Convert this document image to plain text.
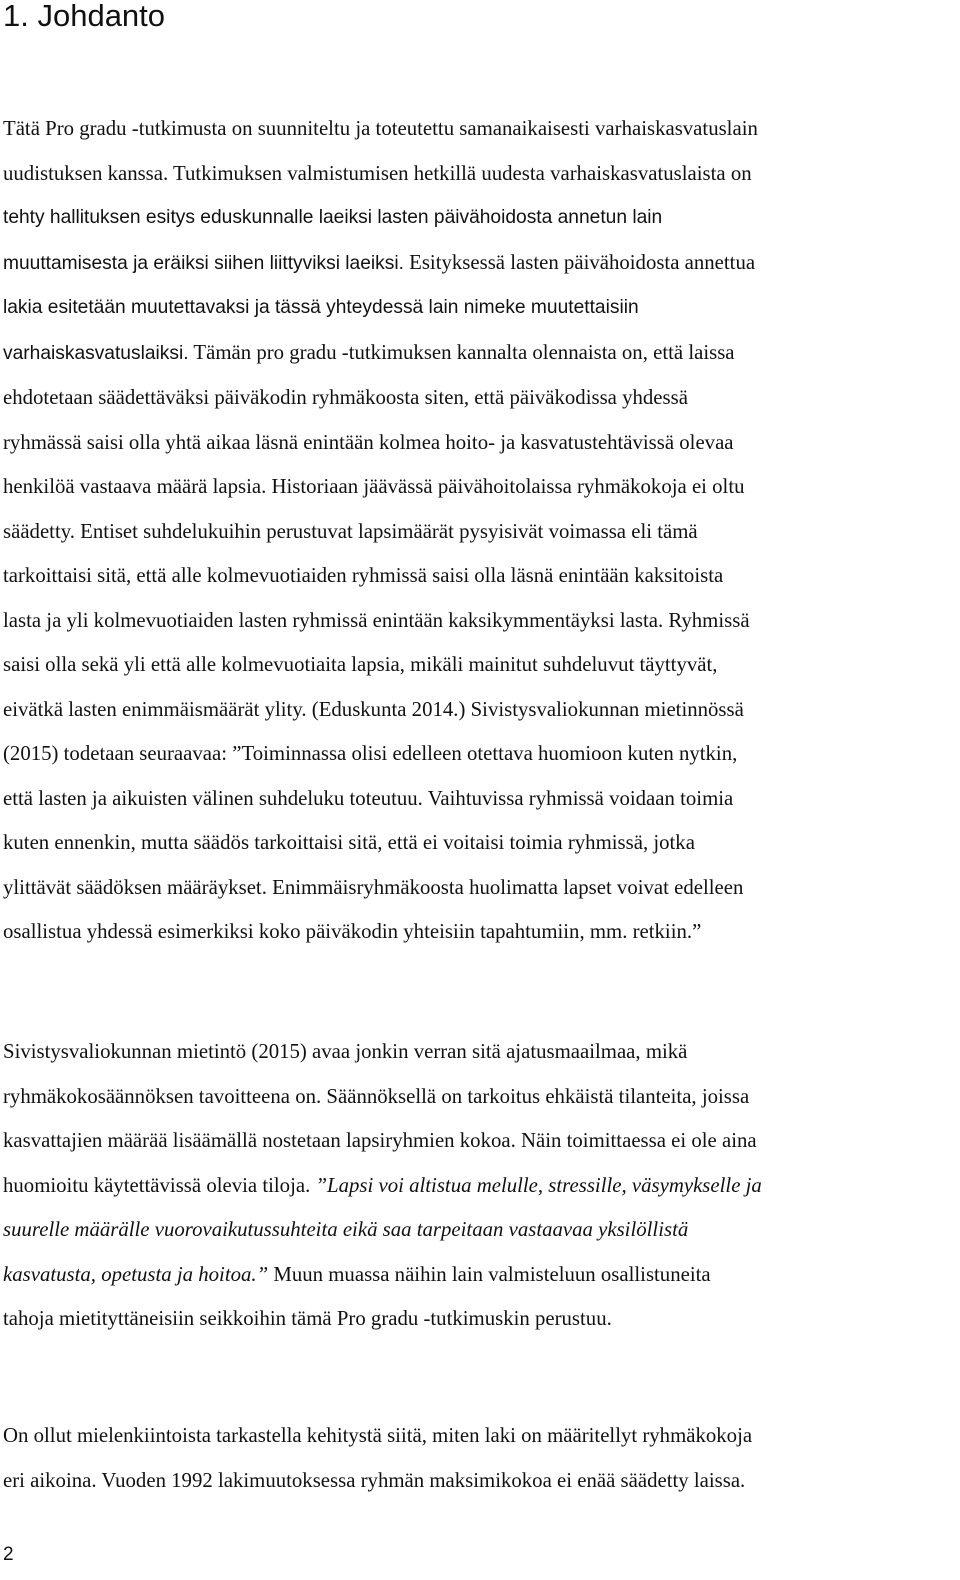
1. Johdanto

Tätä Pro gradu -tutkimusta on suunniteltu ja toteutettu samanaikaisesti varhaiskasvatuslain
uudistuksen kanssa. Tutkimuksen valmistumisen hetkillä uudesta varhaiskasvatuslaista on
tehty hallituksen esitys eduskunnalle laeiksi lasten päivähoidosta annetun lain
muuttamisesta ja eräiksi siihen liittyviksi laeiksi. Esityksessä lasten päivähoidosta annettua
lakia esitetään muutettavaksi ja tässä yhteydessä lain nimeke muutettaisiin
varhaiskasvatuslaiksi. Tämän pro gradu -tutkimuksen kannalta olennaista on, että laissa
ehdotetaan säädettäväksi päiväkodin ryhmäkoosta siten, että päiväkodissa yhdessä
ryhmässä saisi olla yhtä aikaa läsnä enintään kolmea hoito- ja kasvatustehtävissä olevaa
henkilöä vastaava määrä lapsia. Historiaan jäävässä päivähoitolaissa ryhmäkokoja ei oltu
säädetty. Entiset suhdelukuihin perustuvat lapsimäärät pysyisivät voimassa eli tämä
tarkoittaisi sitä, että alle kolmevuotiaiden ryhmissä saisi olla läsnä enintään kaksitoista
lasta ja yli kolmevuotiaiden lasten ryhmissä enintään kaksikymmentäyksi lasta. Ryhmissä
saisi olla sekä yli että alle kolmevuotiaita lapsia, mikäli mainitut suhdeluvut täyttyvät,
eivätkä lasten enimmäismäärät ylity. (Eduskunta 2014.) Sivistysvaliokunnan mietinnössä
(2015) todetaan seuraavaa: ”Toiminnassa olisi edelleen otettava huomioon kuten nytkin,
että lasten ja aikuisten välinen suhdeluku toteutuu. Vaihtuvissa ryhmissä voidaan toimia
kuten ennenkin, mutta säädös tarkoittaisi sitä, että ei voitaisi toimia ryhmissä, jotka
ylittävät säädöksen määräykset. Enimmäisryhmäkoosta huolimatta lapset voivat edelleen
osallistua yhdessä esimerkiksi koko päiväkodin yhteisiin tapahtumiin, mm. retkiin.”

Sivistysvaliokunnan mietintö (2015) avaa jonkin verran sitä ajatusmaailmaa, mikä
ryhmäkokosäännöksen tavoitteena on. Säännöksellä on tarkoitus ehkäistä tilanteita, joissa
kasvattajien määrää lisäämällä nostetaan lapsiryhmien kokoa. Näin toimittaessa ei ole aina
huomioitu käytettävissä olevia tiloja. ”Lapsi voi altistua melulle, stressille, väsymykselle ja
suurelle määrälle vuorovaikutussuhteita eikä saa tarpeitaan vastaavaa yksilöllistä
kasvatusta, opetusta ja hoitoa.” Muun muassa näihin lain valmisteluun osallistuneita
tahoja mietityttäneisiin seikkoihin tämä Pro gradu -tutkimuskin perustuu.

On ollut mielenkiintoista tarkastella kehitystä siitä, miten laki on määritellyt ryhmäkokoja
eri aikoina. Vuoden 1992 lakimuutoksessa ryhmän maksimikokoa ei enää säädetty laissa.

2
